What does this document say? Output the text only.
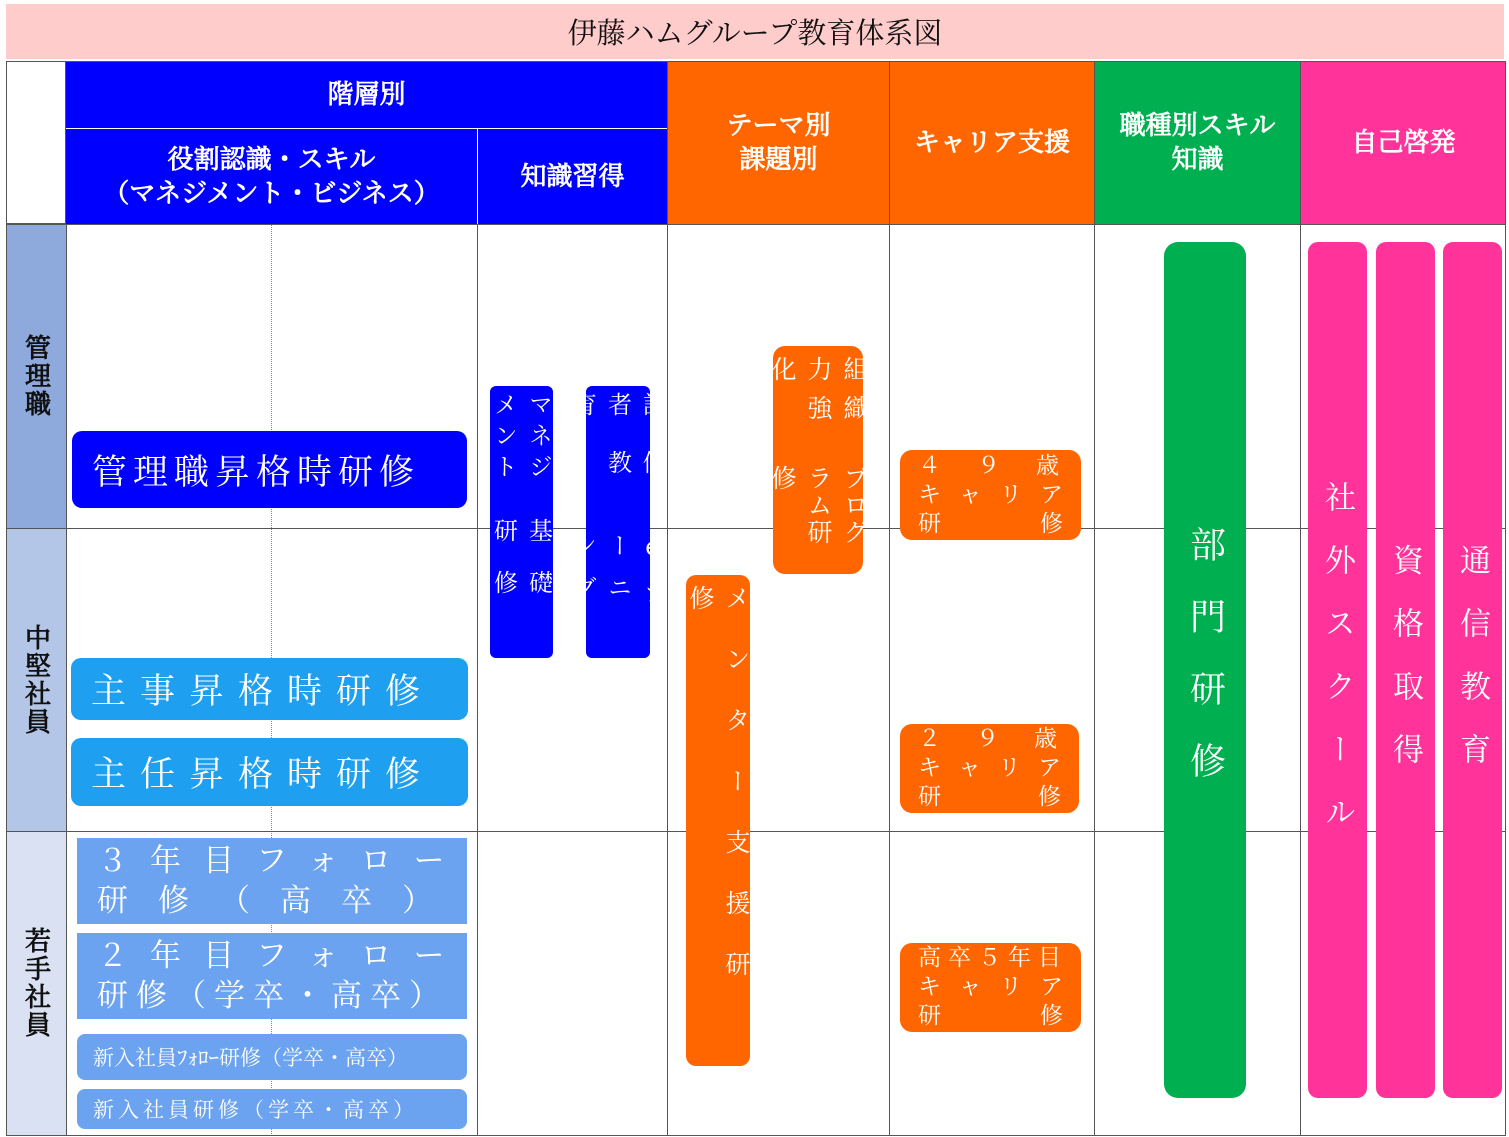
伊藤ハムグループ教育体系図
階層別
役割認識・スキル
（マネジメント・ビジネス）
知識習得
テーマ別
課題別
キャリア支援
職種別スキル
知識
自己啓発
管理職
中堅社員
若手社員
管理職昇格時研修
主事昇格時研修
主任昇格時研修
３年目フォロー
研修（高卒）
２年目フォロー
研修（学卒・高卒）
新入社員ﾌｫﾛｰ研修（学卒・高卒）
新入社員研修（学卒・高卒）
マネジメント
基礎研修
評価者教育
eラーニング
組織力強化
プログラム研修
メンター支援研修
４９歳
キャリア
研修
２９歳
キャリア
研修
高卒５年目
キャリア
研修
部門研修	社外スクール 資格取得 通信教育
